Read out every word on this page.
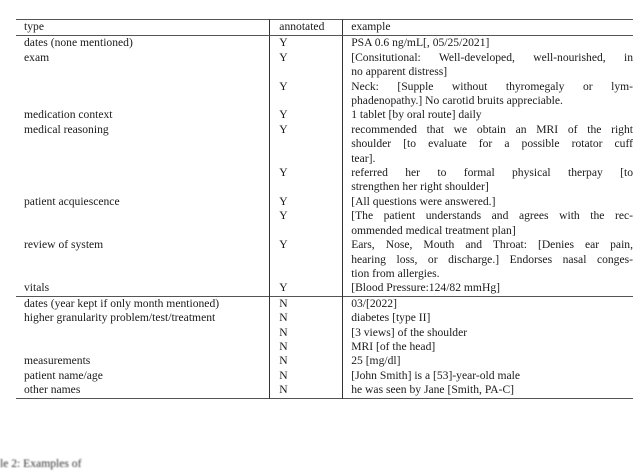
type	annotated	example
dates (none mentioned)	Y	PSA 0.6 ng/mL[, 05/25/2021]

exam	Y	[Consitutional: Well-developed, well-nourished, in
no apparent distress]

	Y	Neck: [Supple without thyromegaly or lym-
phadenopathy.] No carotid bruits appreciable.

medication context	Y	1 tablet [by oral route] daily

medical reasoning	Y	recommended that we obtain an MRI of the right
shoulder [to evaluate for a possible rotator cuff
tear].

	Y	referred her to formal physical therpay [to
strengthen her right shoulder]

patient acquiescence	Y	[All questions were answered.]

	Y	[The patient understands and agrees with the rec-
ommended medical treatment plan]

review of system	Y	Ears, Nose, Mouth and Throat: [Denies ear pain,
hearing loss, or discharge.] Endorses nasal conges-
tion from allergies.

vitals	Y	[Blood Pressure:124/82 mmHg]

dates (year kept if only month mentioned)	N	03/[2022]

higher granularity problem/test/treatment	N	diabetes [type II]

	N	[3 views] of the shoulder

	N	MRI [of the head]

measurements	N	25 [mg/dl]

patient name/age	N	[John Smith] is a [53]-year-old male

other names	N	he was seen by Jane [Smith, PA-C]
le 2: Examples of
